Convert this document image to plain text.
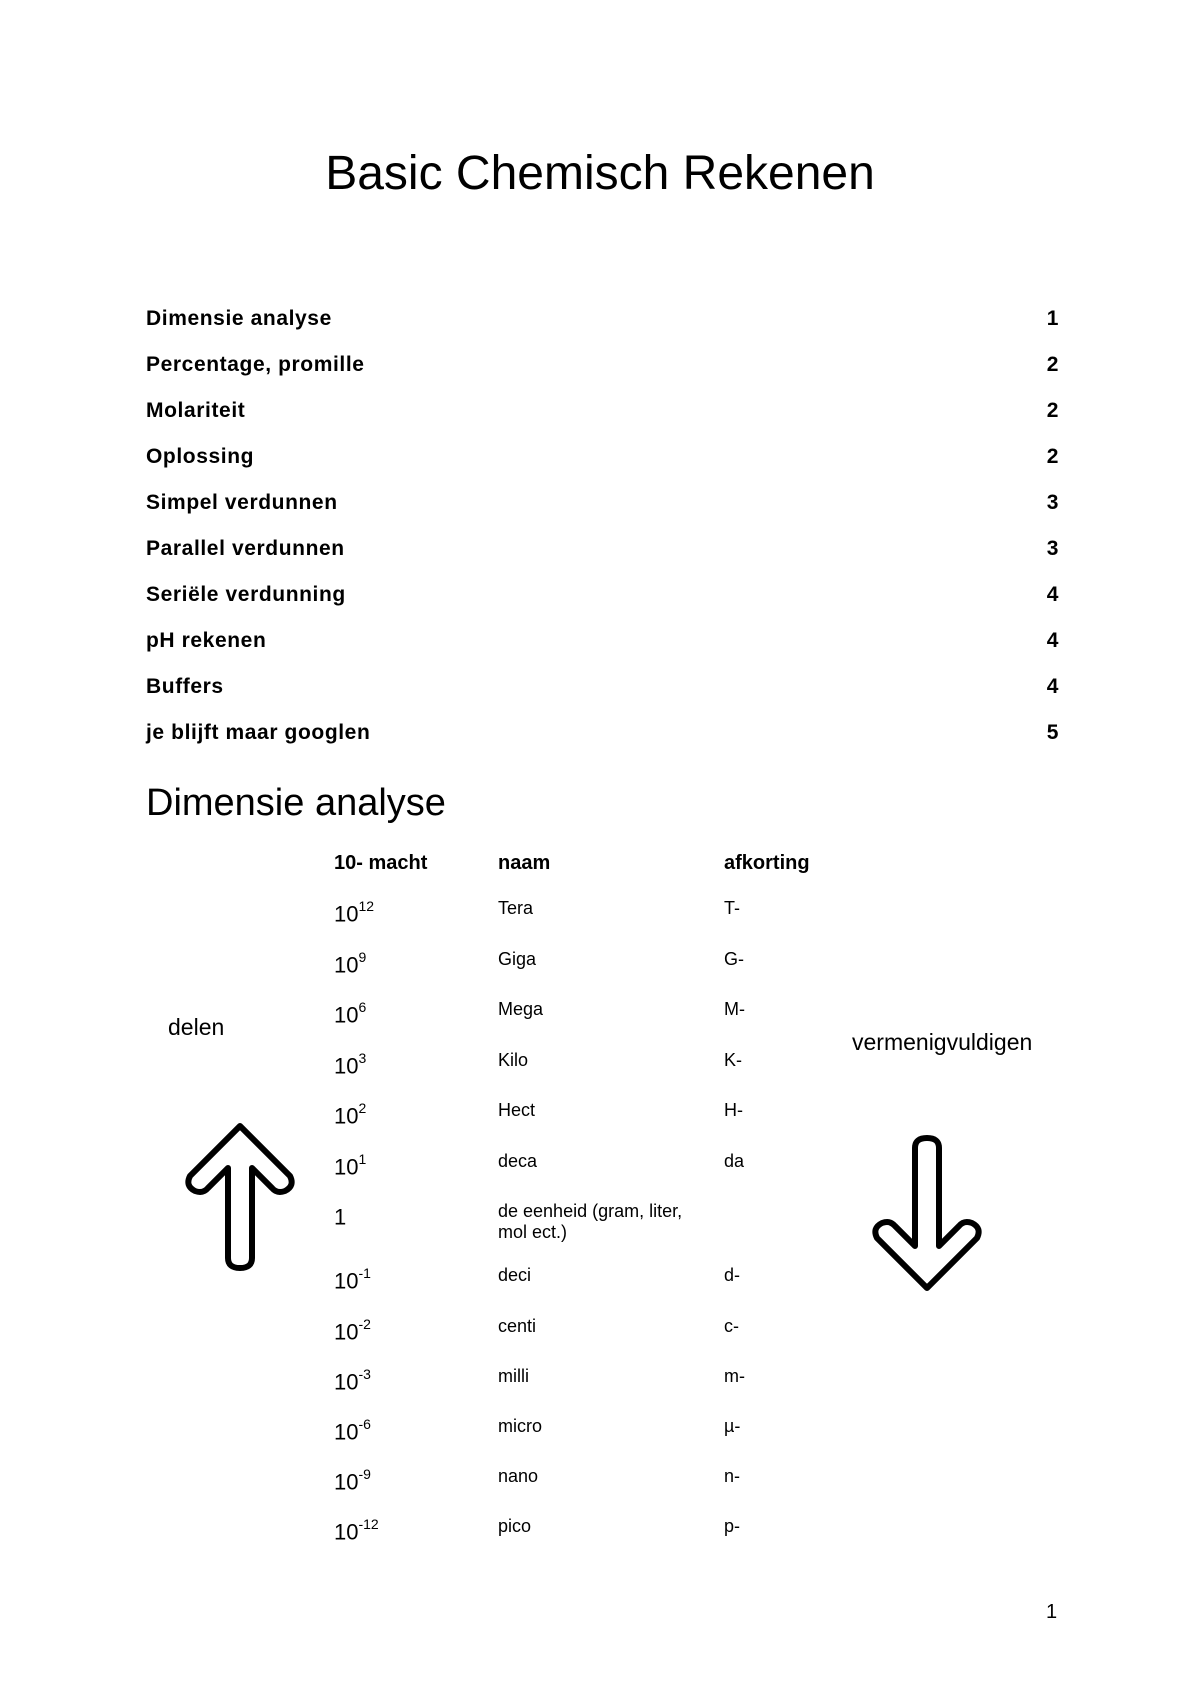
Basic Chemisch Rekenen
Dimensie analyse	1
Percentage, promille	2
Molariteit	2
Oplossing	2
Simpel verdunnen	3
Parallel verdunnen	3
Seriële verdunning	4
pH rekenen	4
Buffers	4
je blijft maar googlen	5
Dimensie analyse
10- macht	naam	afkorting
$10^{12}$	Tera	T-
$10^9$	Giga	G-
$10^6$	Mega	M-
$10^3$	Kilo	K-
$10^2$	Hect	H-
$10^1$	deca	da
1	de eenheid (gram, liter, mol ect.)
$10^{-1}$	deci	d-
$10^{-2}$	centi	c-
$10^{-3}$	milli	m-
$10^{-6}$	micro	µ-
$10^{-9}$	nano	n-
$10^{-12}$	pico	p-
delen
vermenigvuldigen
1
